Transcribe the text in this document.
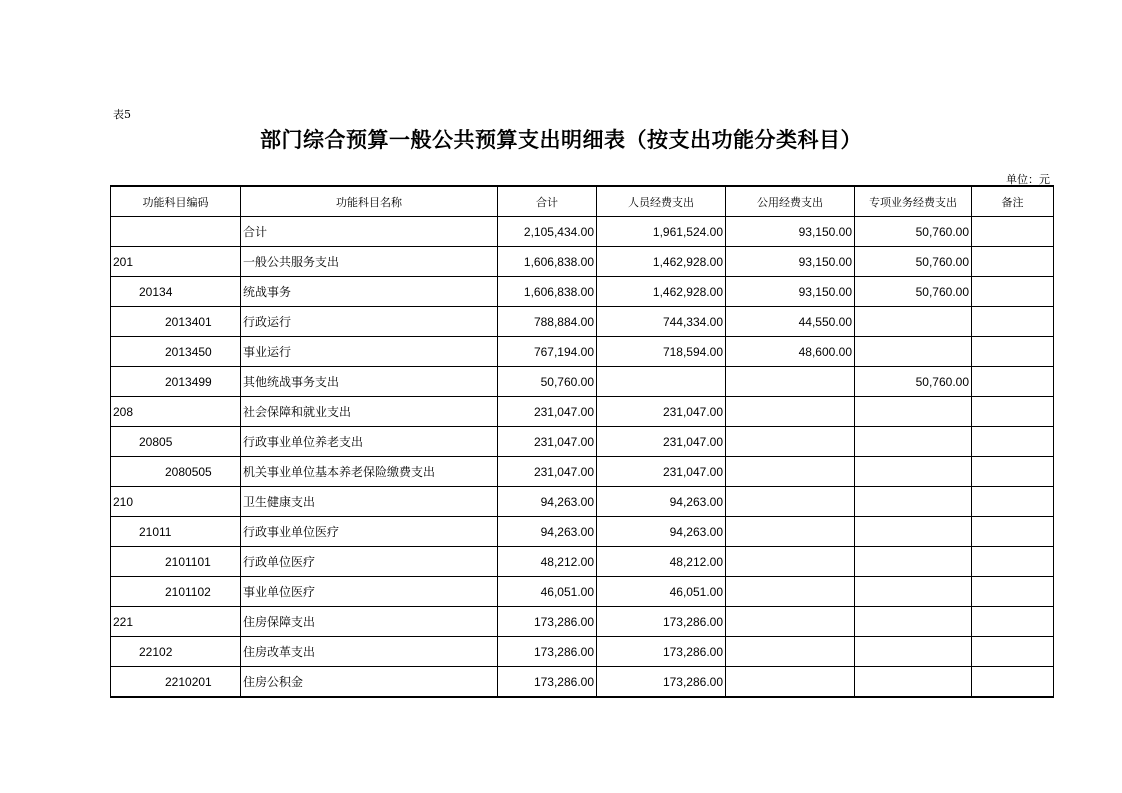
表5
部门综合预算一般公共预算支出明细表（按支出功能分类科目）
单位：元
功能科目编码	功能科目名称	合计	人员经费支出	公用经费支出	专项业务经费支出	备注
	合计	2,105,434.00	1,961,524.00	93,150.00	50,760.00	
201	一般公共服务支出	1,606,838.00	1,462,928.00	93,150.00	50,760.00	
20134	统战事务	1,606,838.00	1,462,928.00	93,150.00	50,760.00	
2013401	行政运行	788,884.00	744,334.00	44,550.00		
2013450	事业运行	767,194.00	718,594.00	48,600.00		
2013499	其他统战事务支出	50,760.00			50,760.00	
208	社会保障和就业支出	231,047.00	231,047.00			
20805	行政事业单位养老支出	231,047.00	231,047.00			
2080505	机关事业单位基本养老保险缴费支出	231,047.00	231,047.00			
210	卫生健康支出	94,263.00	94,263.00			
21011	行政事业单位医疗	94,263.00	94,263.00			
2101101	行政单位医疗	48,212.00	48,212.00			
2101102	事业单位医疗	46,051.00	46,051.00			
221	住房保障支出	173,286.00	173,286.00			
22102	住房改革支出	173,286.00	173,286.00			
2210201	住房公积金	173,286.00	173,286.00			
